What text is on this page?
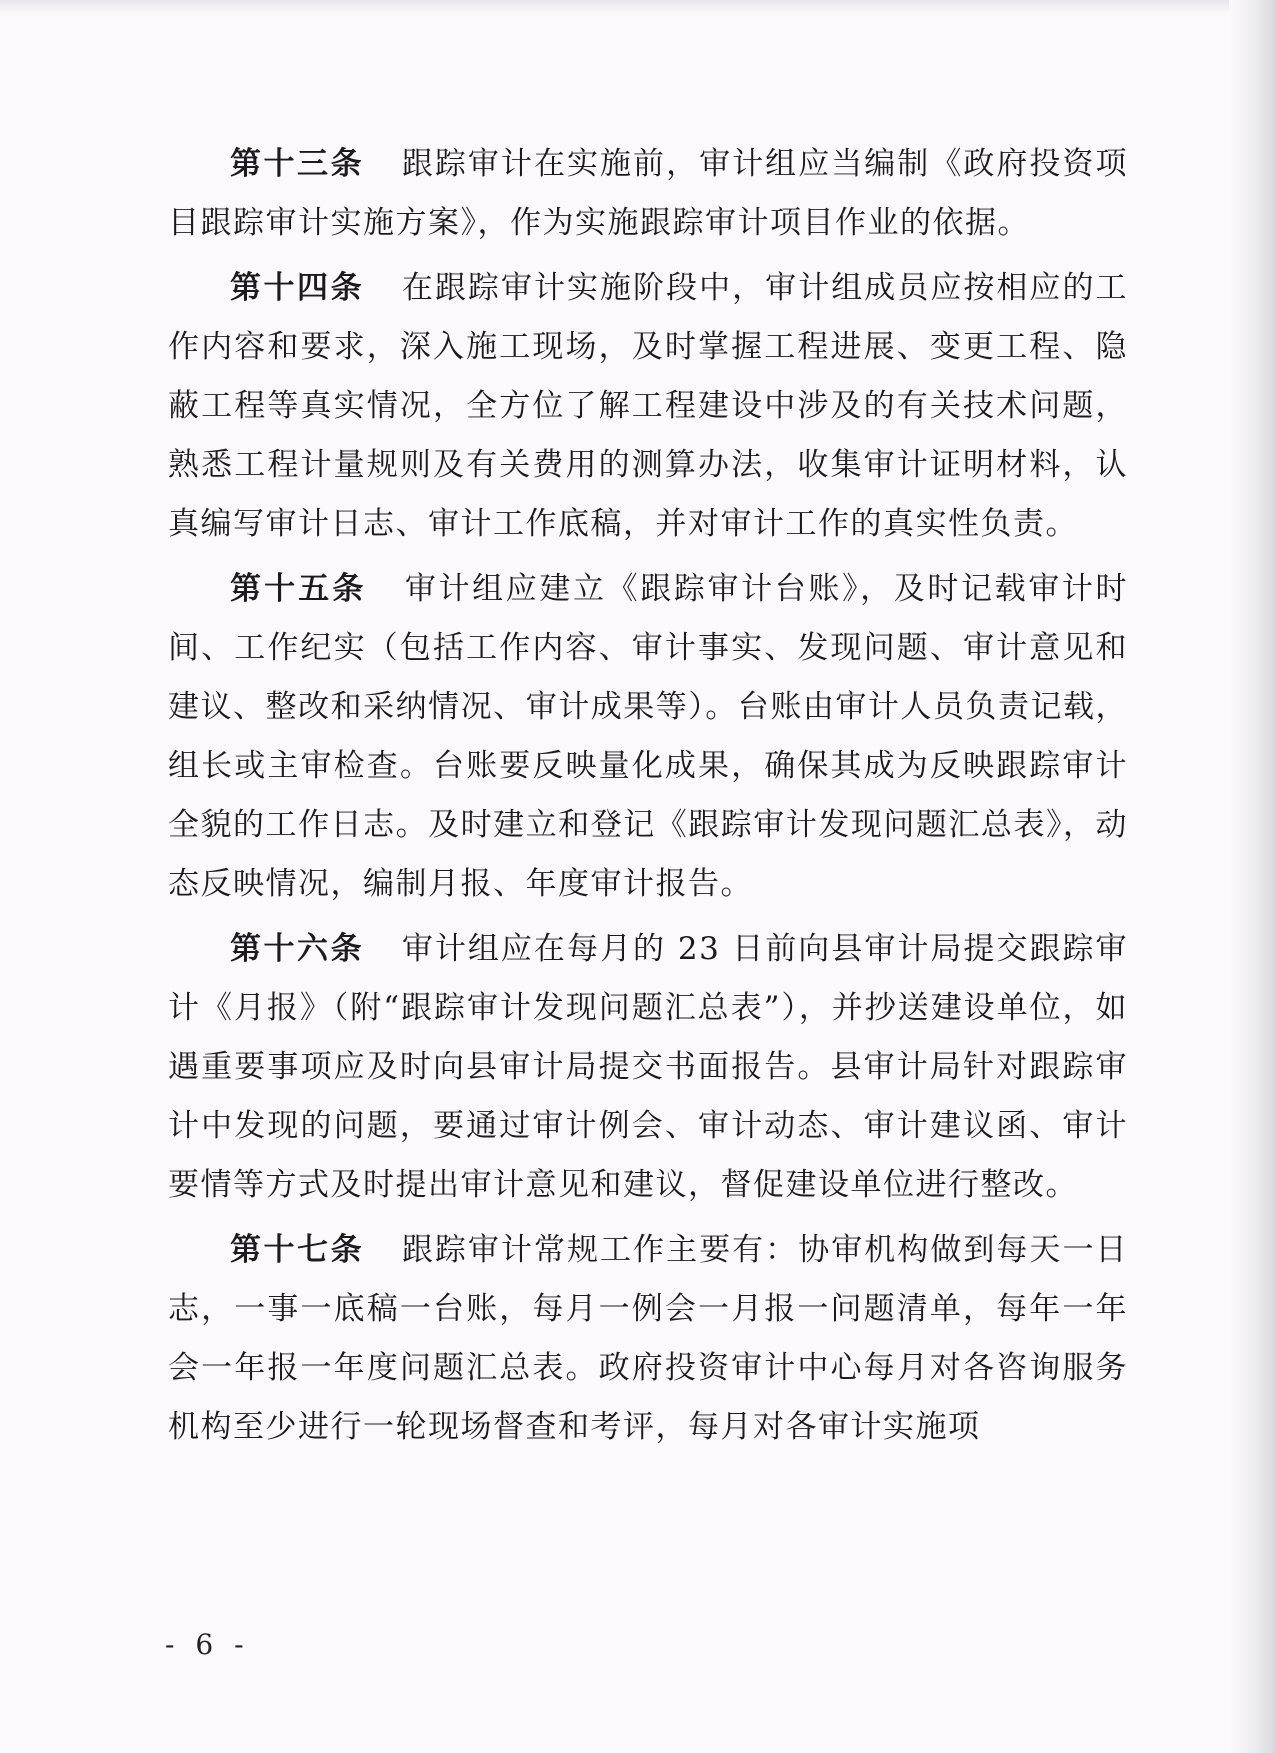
第十三条 跟踪审计在实施前，审计组应当编制《政府投资项目跟踪审计实施方案》，作为实施跟踪审计项目作业的依据。

第十四条 在跟踪审计实施阶段中，审计组成员应按相应的工作内容和要求，深入施工现场，及时掌握工程进展、变更工程、隐蔽工程等真实情况，全方位了解工程建设中涉及的有关技术问题，熟悉工程计量规则及有关费用的测算办法，收集审计证明材料，认真编写审计日志、审计工作底稿，并对审计工作的真实性负责。

第十五条 审计组应建立《跟踪审计台账》，及时记载审计时间、工作纪实（包括工作内容、审计事实、发现问题、审计意见和建议、整改和采纳情况、审计成果等）。台账由审计人员负责记载，组长或主审检查。台账要反映量化成果，确保其成为反映跟踪审计全貌的工作日志。及时建立和登记《跟踪审计发现问题汇总表》，动态反映情况，编制月报、年度审计报告。

第十六条 审计组应在每月的 23 日前向县审计局提交跟踪审计《月报》（附“跟踪审计发现问题汇总表”），并抄送建设单位，如遇重要事项应及时向县审计局提交书面报告。县审计局针对跟踪审计中发现的问题，要通过审计例会、审计动态、审计建议函、审计要情等方式及时提出审计意见和建议，督促建设单位进行整改。

第十七条 跟踪审计常规工作主要有：协审机构做到每天一日志，一事一底稿一台账，每月一例会一月报一问题清单，每年一年会一年报一年度问题汇总表。政府投资审计中心每月对各咨询服务机构至少进行一轮现场督查和考评，每月对各审计实施项

- 6 -
